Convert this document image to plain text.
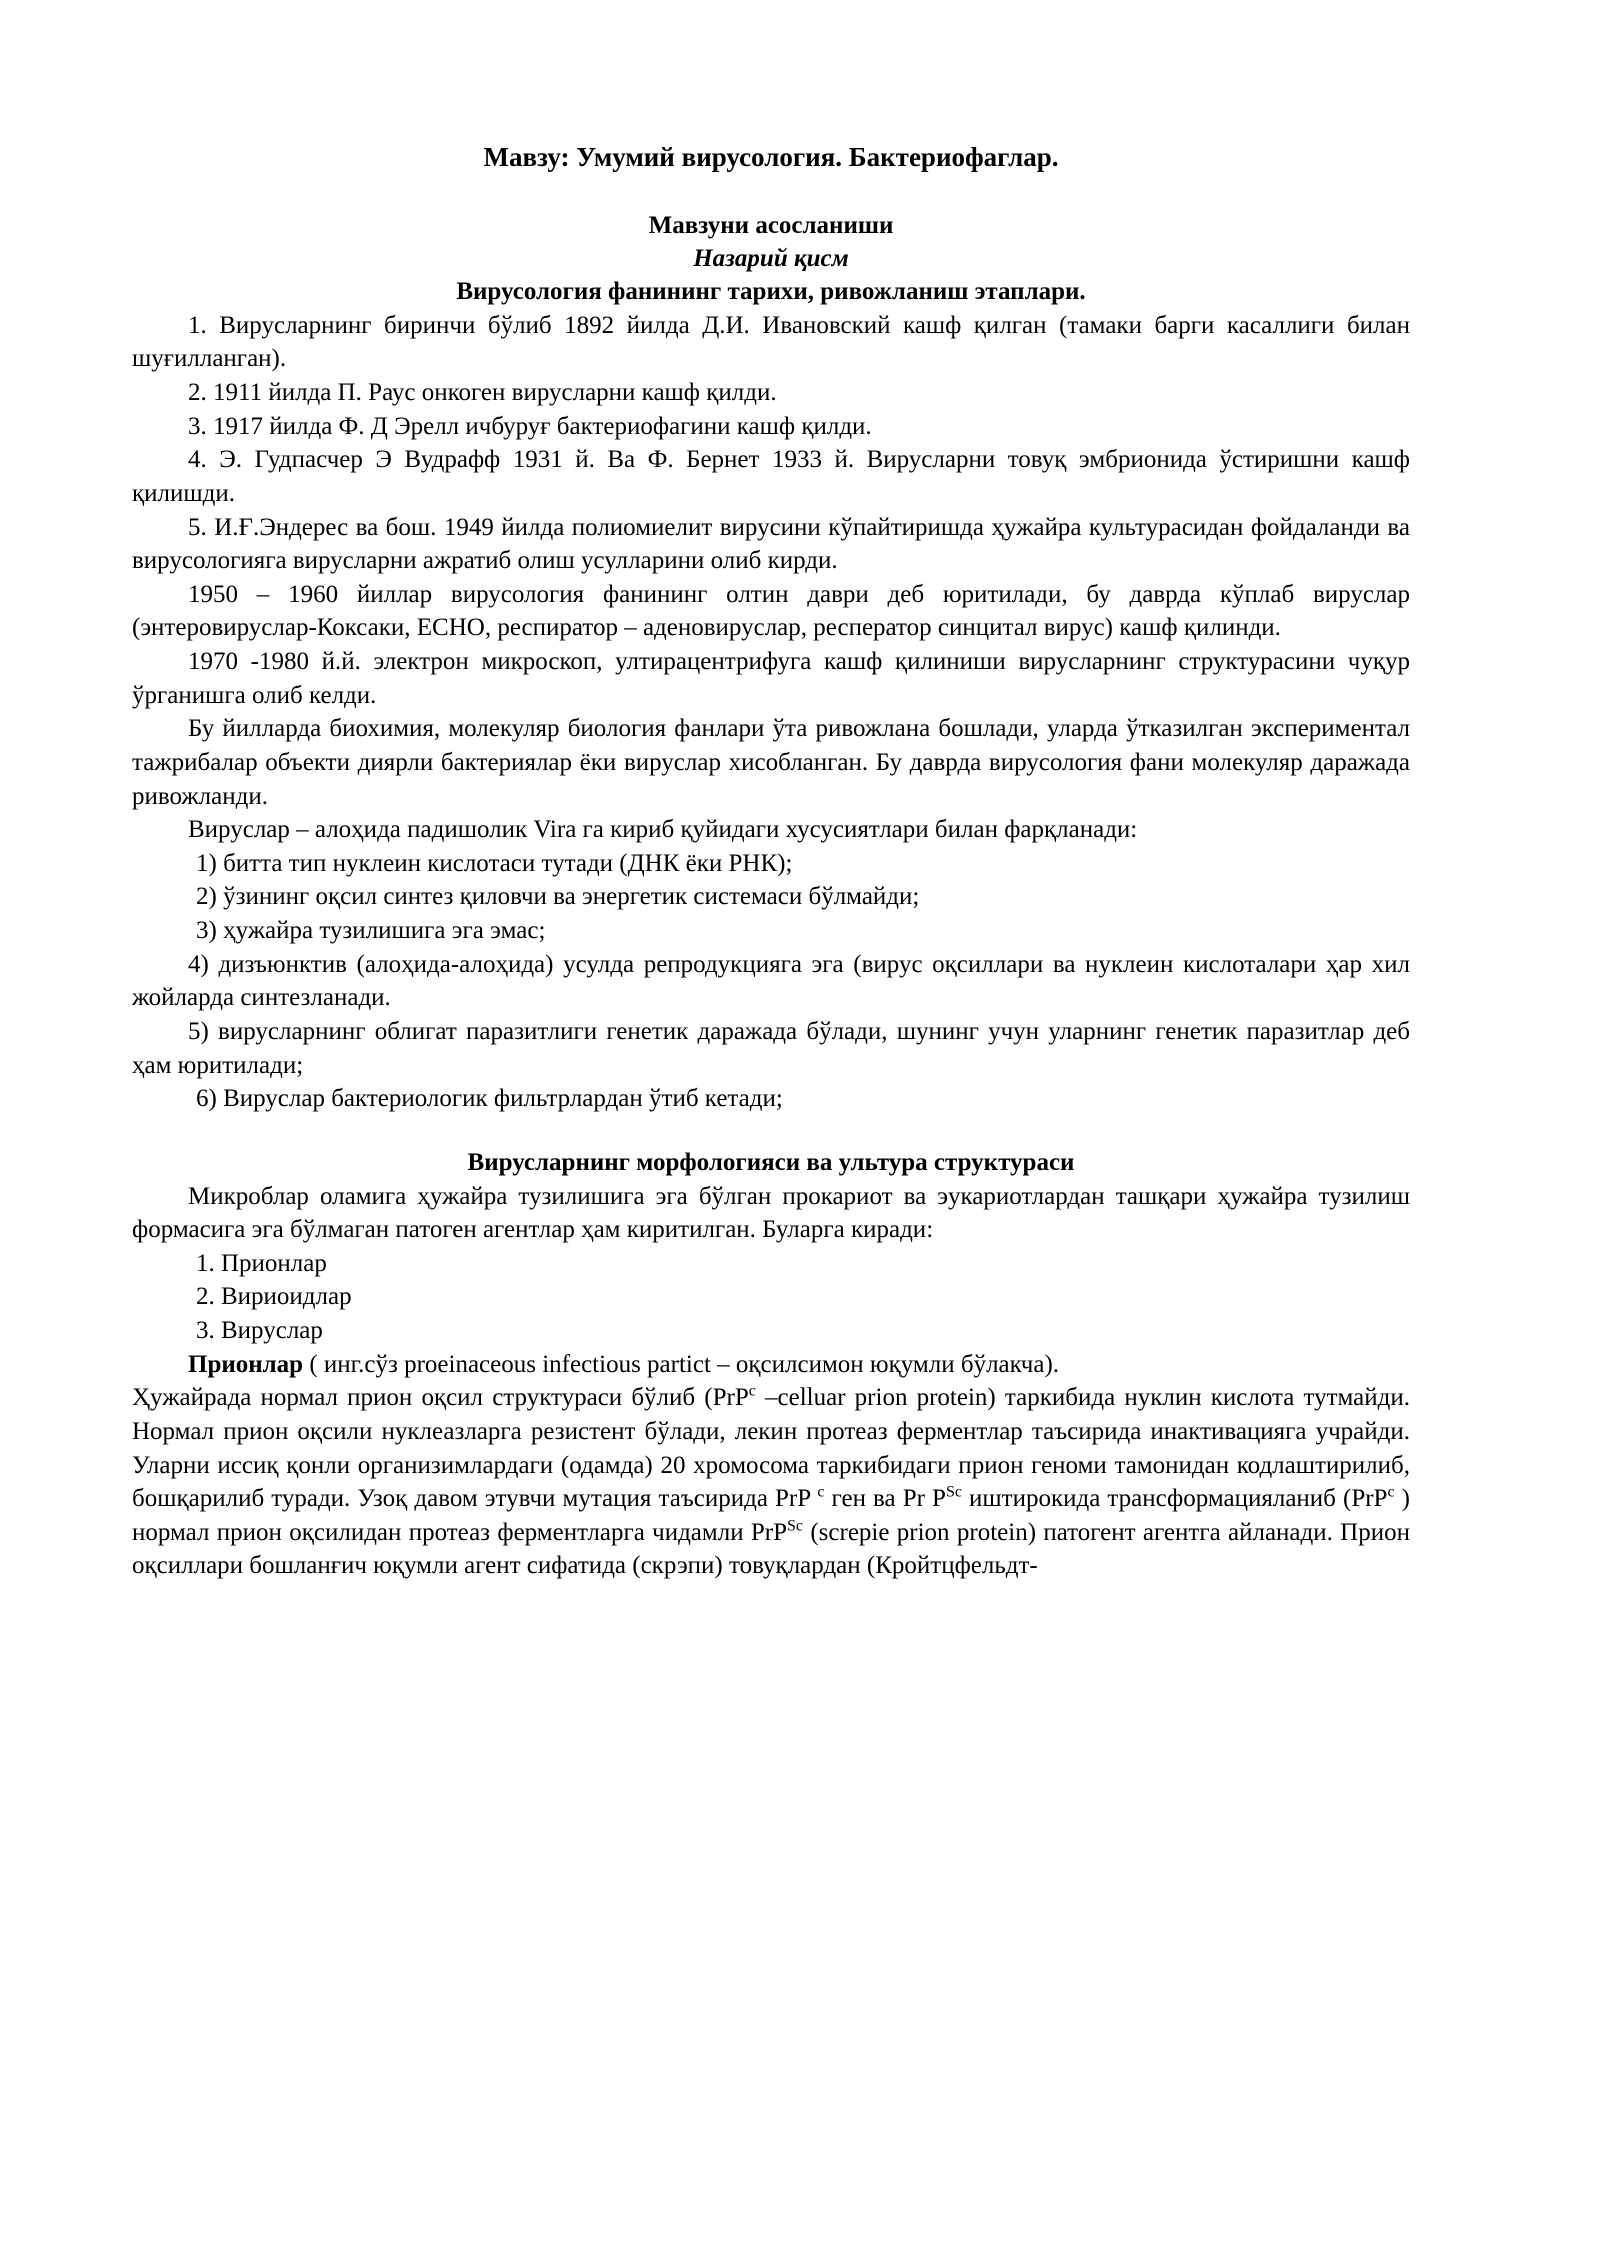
Мавзу: Умумий вирусология. Бактериофаглар.
Мавзуни асосланиши
Назарий қисм
Вирусология фанининг тарихи, ривожланиш этаплари.

1. Вирусларнинг биринчи бўлиб 1892 йилда Д.И. Ивановский кашф қилган (тамаки барги касаллиги билан шуғилланган).

2. 1911 йилда П. Раус онкоген вирусларни кашф қилди.

3. 1917 йилда Ф. Д Эрелл ичбуруғ бактериофагини кашф қилди.

4. Э. Гудпасчер Э Вудрафф 1931 й. Ва Ф. Бернет 1933 й. Вирусларни товуқ эмбрионида ўстиришни кашф қилишди.

5. И.Ғ.Эндерес ва бош. 1949 йилда полиомиелит вирусини кўпайтиришда ҳужайра культурасидан фойдаланди ва вирусологияга вирусларни ажратиб олиш усулларини олиб кирди.

1950 – 1960 йиллар вирусология фанининг олтин даври деб юритилади, бу даврда кўплаб вируслар (энтеровируслар-Коксаки, ЕСНО, респиратор – аденовируслар, респератор синцитал вирус) кашф қилинди.

1970 -1980 й.й. электрон микроскоп, ултирацентрифуга кашф қилиниши вирусларнинг структурасини чуқур ўрганишга олиб келди.

Бу йилларда биохимия, молекуляр биология фанлари ўта ривожлана бошлади, уларда ўтказилган экспериментал тажрибалар объекти диярли бактериялар ёки вируслар хисобланган. Бу даврда вирусология фани молекуляр даражада ривожланди.

Вируслар – алоҳида падишолик Vira га кириб қуйидаги хусусиятлари билан фарқланади:

1) битта тип нуклеин кислотаси тутади (ДНК ёки РНК);

2) ўзининг оқсил синтез қиловчи ва энергетик системаси бўлмайди;

3) ҳужайра тузилишига эга эмас;

4) дизъюнктив (алоҳида-алоҳида) усулда репродукцияга эга (вирус оқсиллари ва нуклеин кислоталари ҳар хил жойларда синтезланади.

5) вирусларнинг облигат паразитлиги генетик даражада бўлади, шунинг учун уларнинг генетик паразитлар деб ҳам юритилади;

6) Вируслар бактериологик фильтрлардан ўтиб кетади;

Вирусларнинг морфологияси ва ультура структураси

Микроблар оламига ҳужайра тузилишига эга бўлган прокариот ва эукариотлардан ташқари ҳужайра тузилиш формасига эга бўлмаган патоген агентлар ҳам киритилган. Буларга киради:

1. Прионлар

2. Вириоидлар

3. Вируслар

Прионлар ( инг.сўз proeinaceous infectious partict – оқсилсимон юқумли бўлакча).

Ҳужайрада нормал прион оқсил структураси бўлиб (PrP$^c$ –celluar prion protein) таркибида нуклин кислота тутмайди. Нормал прион оқсили нуклеазларга резистент бўлади, лекин протеаз ферментлар таъсирида инактивацияга учрайди. Уларни иссиқ қонли организимлардаги (одамда) 20 хромосома таркибидаги прион геноми тамонидан кодлаштирилиб, бошқарилиб туради. Узоқ давом этувчи мутация таъсирида PrP $^c$ ген ва Pr $P^{Sc}$ иштирокида трансформацияланиб (PrP$^c$ ) нормал прион оқсилидан протеаз ферментларга чидамли PrP$^{Sc}$ (screpie prion protein) патогент агентга айланади. Прион оқсиллари бошланғич юқумли агент сифатида (скрэпи) товуқлардан (Кройтцфельдт-
